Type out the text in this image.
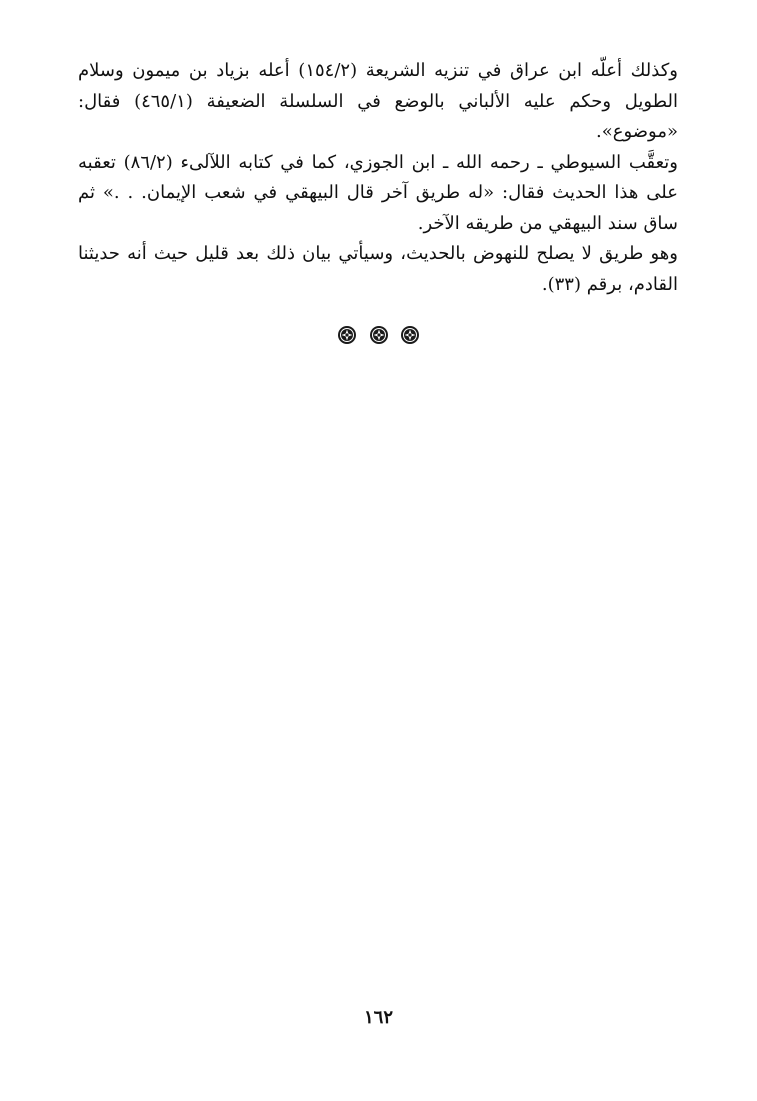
وكذلك أعلّه ابن عراق في تنزيه الشريعة (١٥٤/٢) أعله بزياد بن ميمون وسلام الطويل وحكم عليه الألباني بالوضع في السلسلة الضعيفة (٤٦٥/١) فقال: «موضوع».

وتعقَّب السيوطي ـ رحمه الله ـ ابن الجوزي، كما في كتابه اللآلىء (٨٦/٢) تعقبه على هذا الحديث فقال: «له طريق آخر قال البيهقي في شعب الإيمان. . .» ثم ساق سند البيهقي من طريقه الآخر.

وهو طريق لا يصلح للنهوض بالحديث، وسيأتي بيان ذلك بعد قليل حيث أنه حديثنا القادم، برقم (٣٣).

١٦٢
